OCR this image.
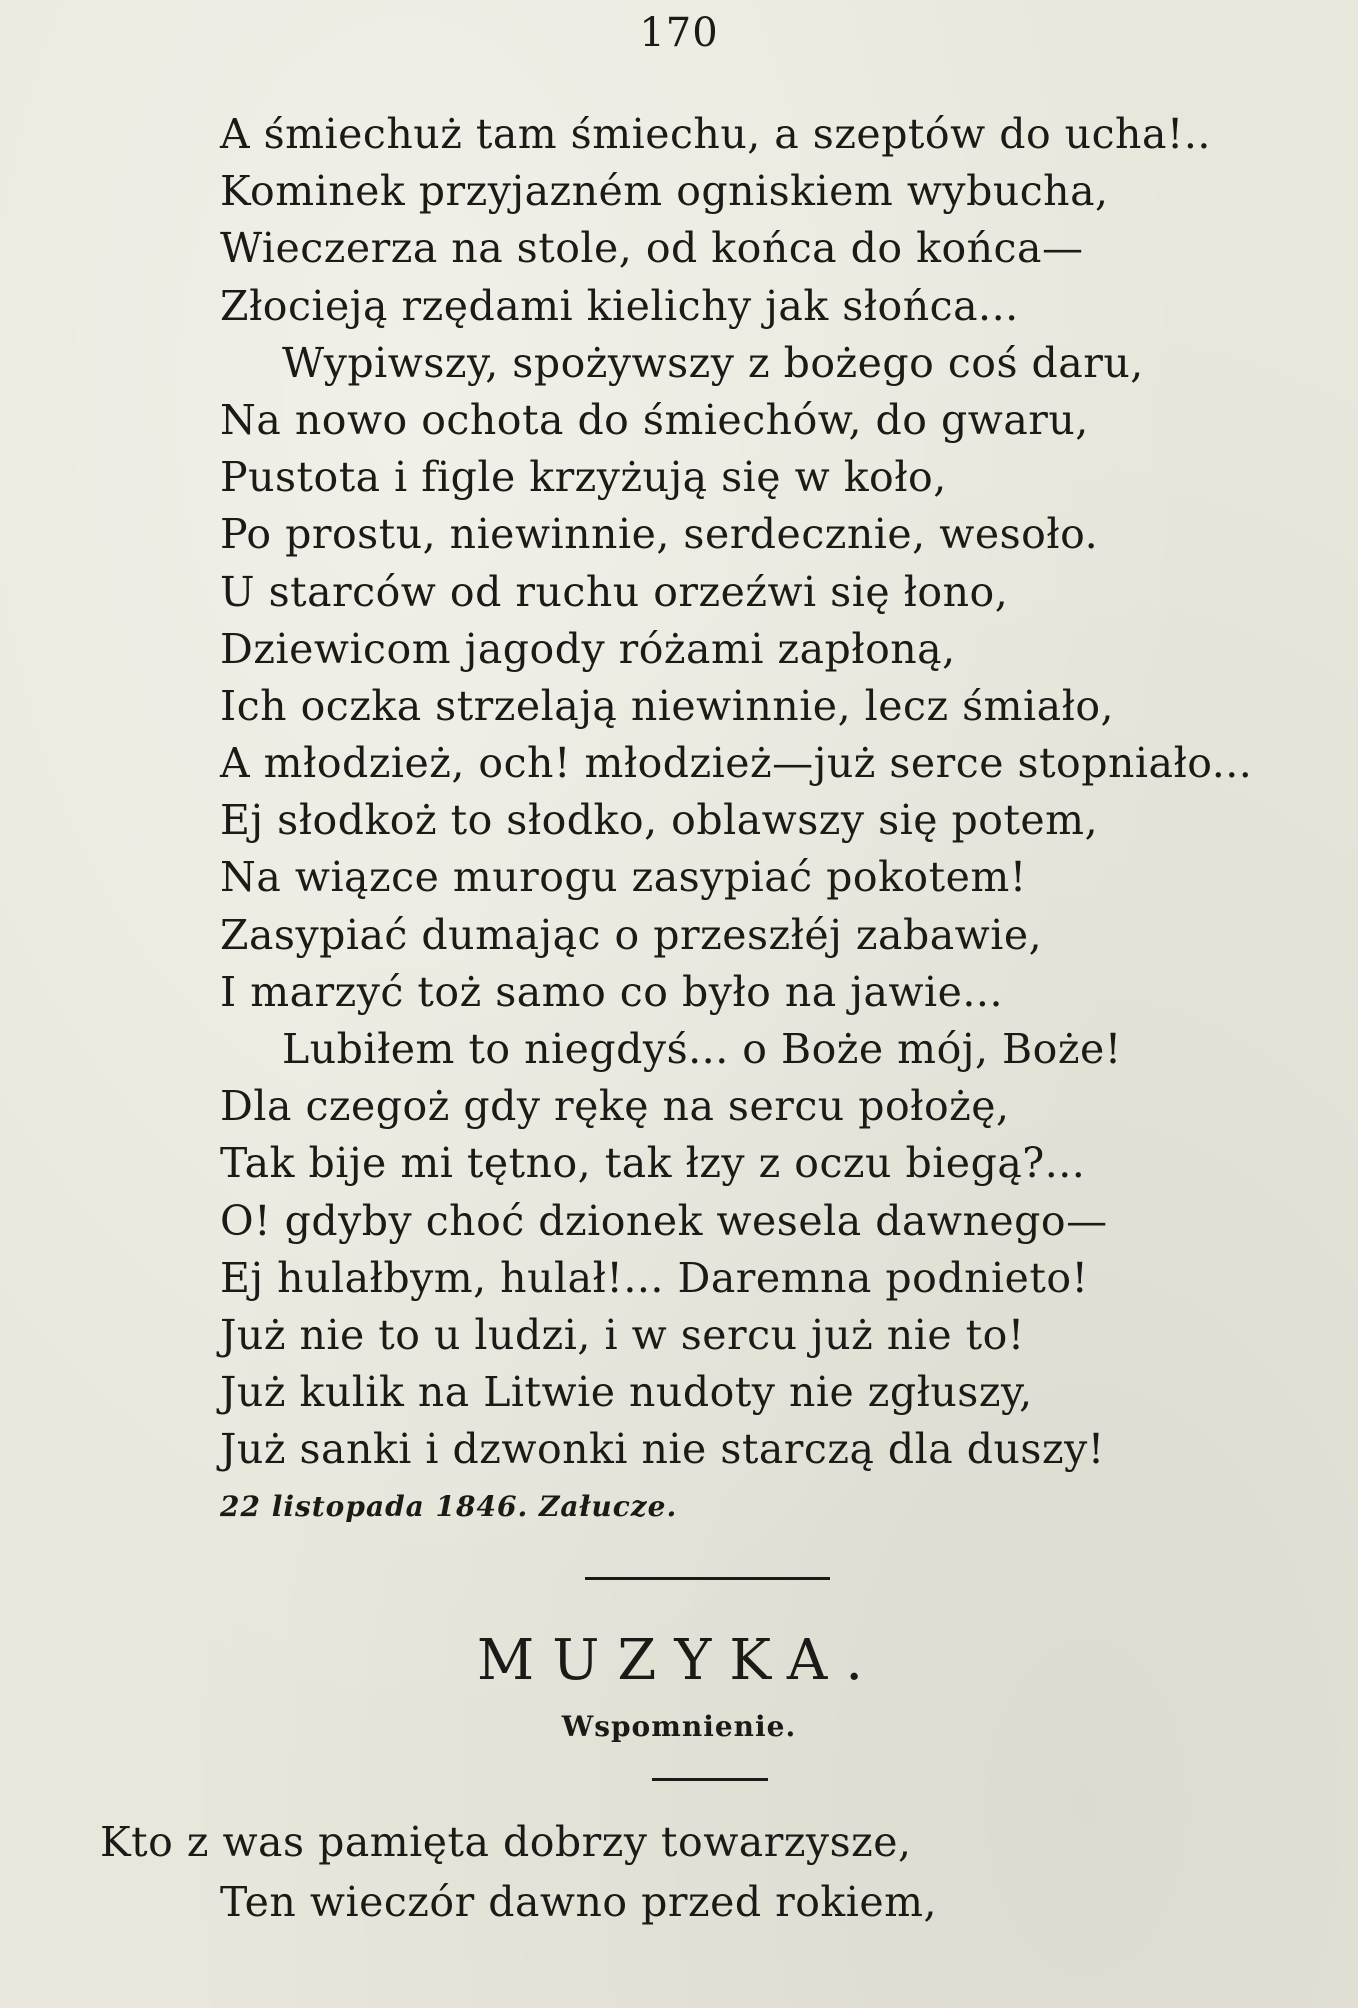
170
A śmiechuż tam śmiechu, a szeptów do ucha!..
Kominek przyjazném ogniskiem wybucha,
Wieczerza na stole, od końca do końca—
Złocieją rzędami kielichy jak słońca...
Wypiwszy, spożywszy z bożego coś daru,
Na nowo ochota do śmiechów, do gwaru,
Pustota i figle krzyżują się w koło,
Po prostu, niewinnie, serdecznie, wesoło.
U starców od ruchu orzeźwi się łono,
Dziewicom jagody różami zapłoną,
Ich oczka strzelają niewinnie, lecz śmiało,
A młodzież, och! młodzież—już serce stopniało...
Ej słodkoż to słodko, oblawszy się potem,
Na wiązce murogu zasypiać pokotem!
Zasypiać dumając o przeszłéj zabawie,
I marzyć toż samo co było na jawie...
Lubiłem to niegdyś... o Boże mój, Boże!
Dla czegoż gdy rękę na sercu położę,
Tak bije mi tętno, tak łzy z oczu biegą?...
O! gdyby choć dzionek wesela dawnego—
Ej hulałbym, hulał!... Daremna podnieto!
Już nie to u ludzi, i w sercu już nie to!
Już kulik na Litwie nudoty nie zgłuszy,
Już sanki i dzwonki nie starczą dla duszy!
22 listopada 1846. Załucze.
MUZYKA.
Wspomnienie.
Kto z was pamięta dobrzy towarzysze,
Ten wieczór dawno przed rokiem,
